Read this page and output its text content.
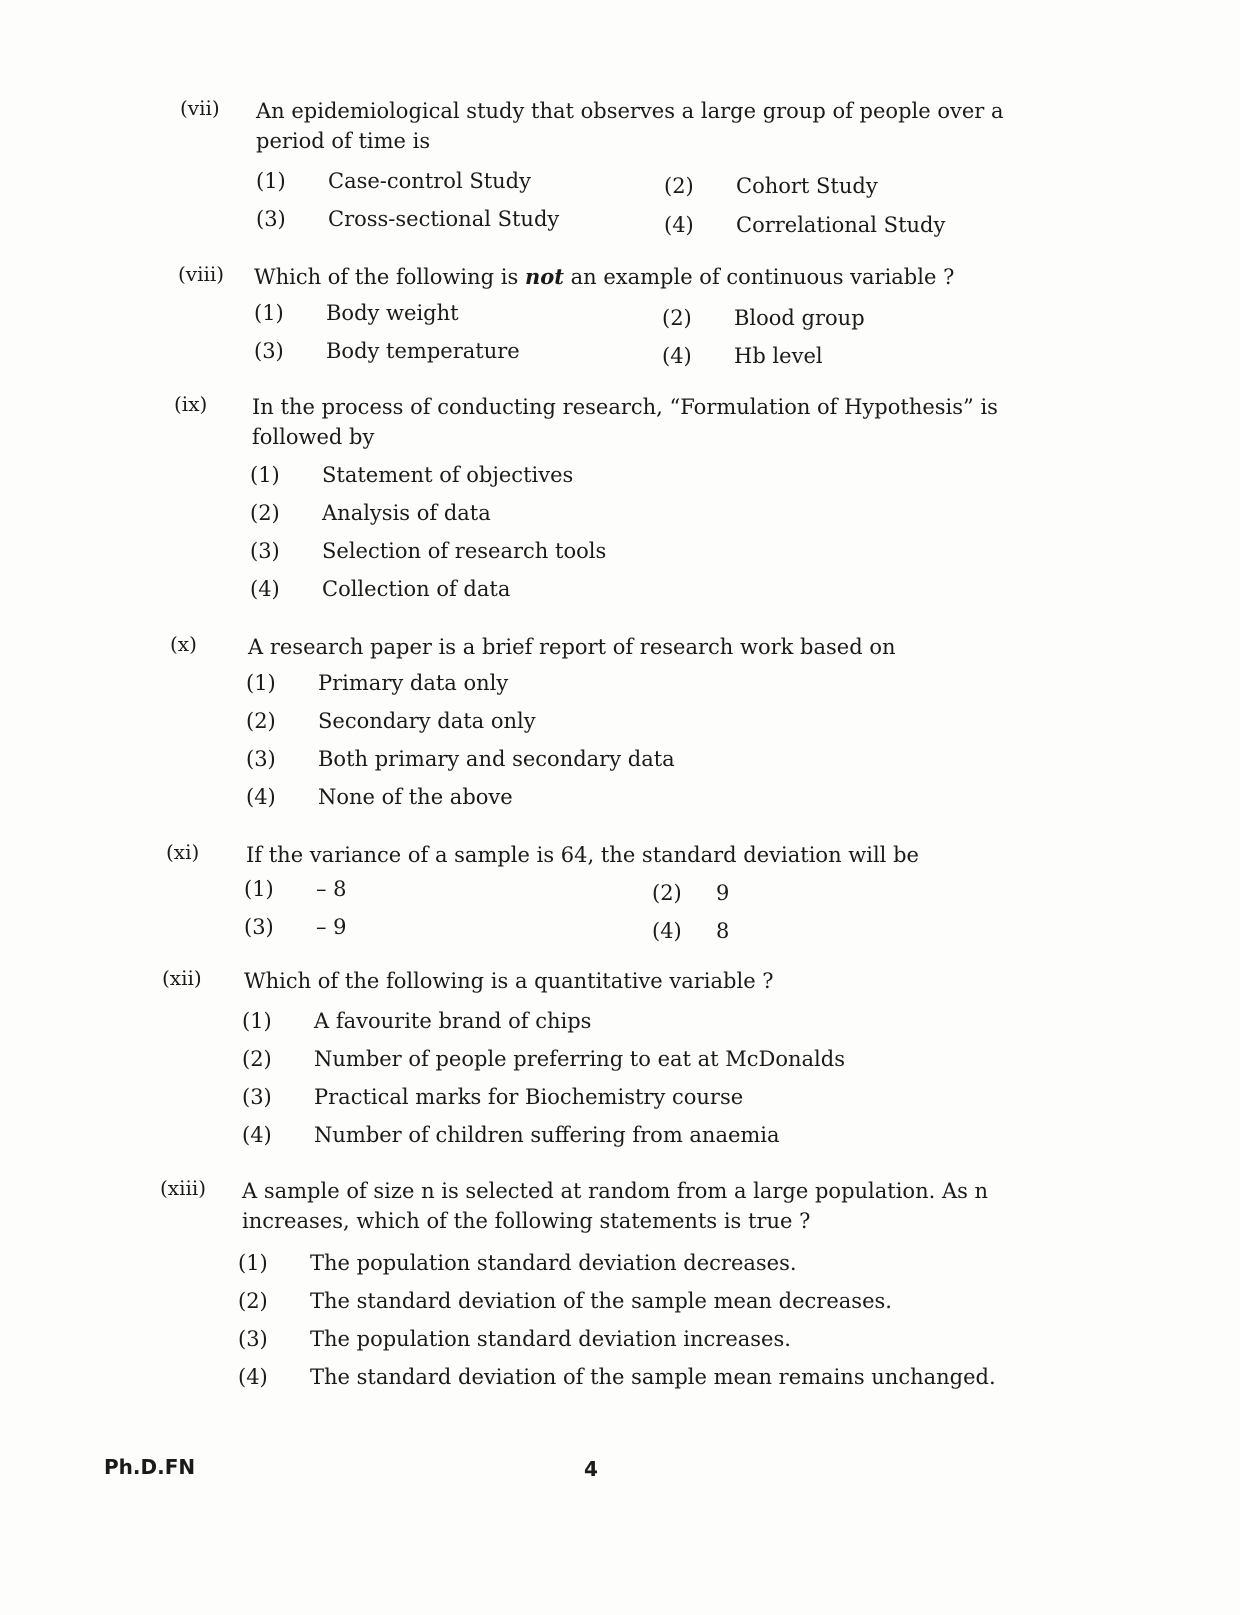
(vii) An epidemiological study that observes a large group of people over a period of time is
(1) Case-control Study	(2) Cohort Study
(3) Cross-sectional Study	(4) Correlational Study
(viii) Which of the following is not an example of continuous variable ?
(1) Body weight	(2) Blood group
(3) Body temperature	(4) Hb level
(ix) In the process of conducting research, “Formulation of Hypothesis” is followed by
(1) Statement of objectives
(2) Analysis of data
(3) Selection of research tools
(4) Collection of data
(x) A research paper is a brief report of research work based on
(1) Primary data only
(2) Secondary data only
(3) Both primary and secondary data
(4) None of the above
(xi) If the variance of a sample is 64, the standard deviation will be
(1) – 8	(2) 9
(3) – 9	(4) 8
(xii) Which of the following is a quantitative variable ?
(1) A favourite brand of chips
(2) Number of people preferring to eat at McDonalds
(3) Practical marks for Biochemistry course
(4) Number of children suffering from anaemia
(xiii) A sample of size n is selected at random from a large population. As n increases, which of the following statements is true ?
(1) The population standard deviation decreases.
(2) The standard deviation of the sample mean decreases.
(3) The population standard deviation increases.
(4) The standard deviation of the sample mean remains unchanged.
Ph.D.FN	4
